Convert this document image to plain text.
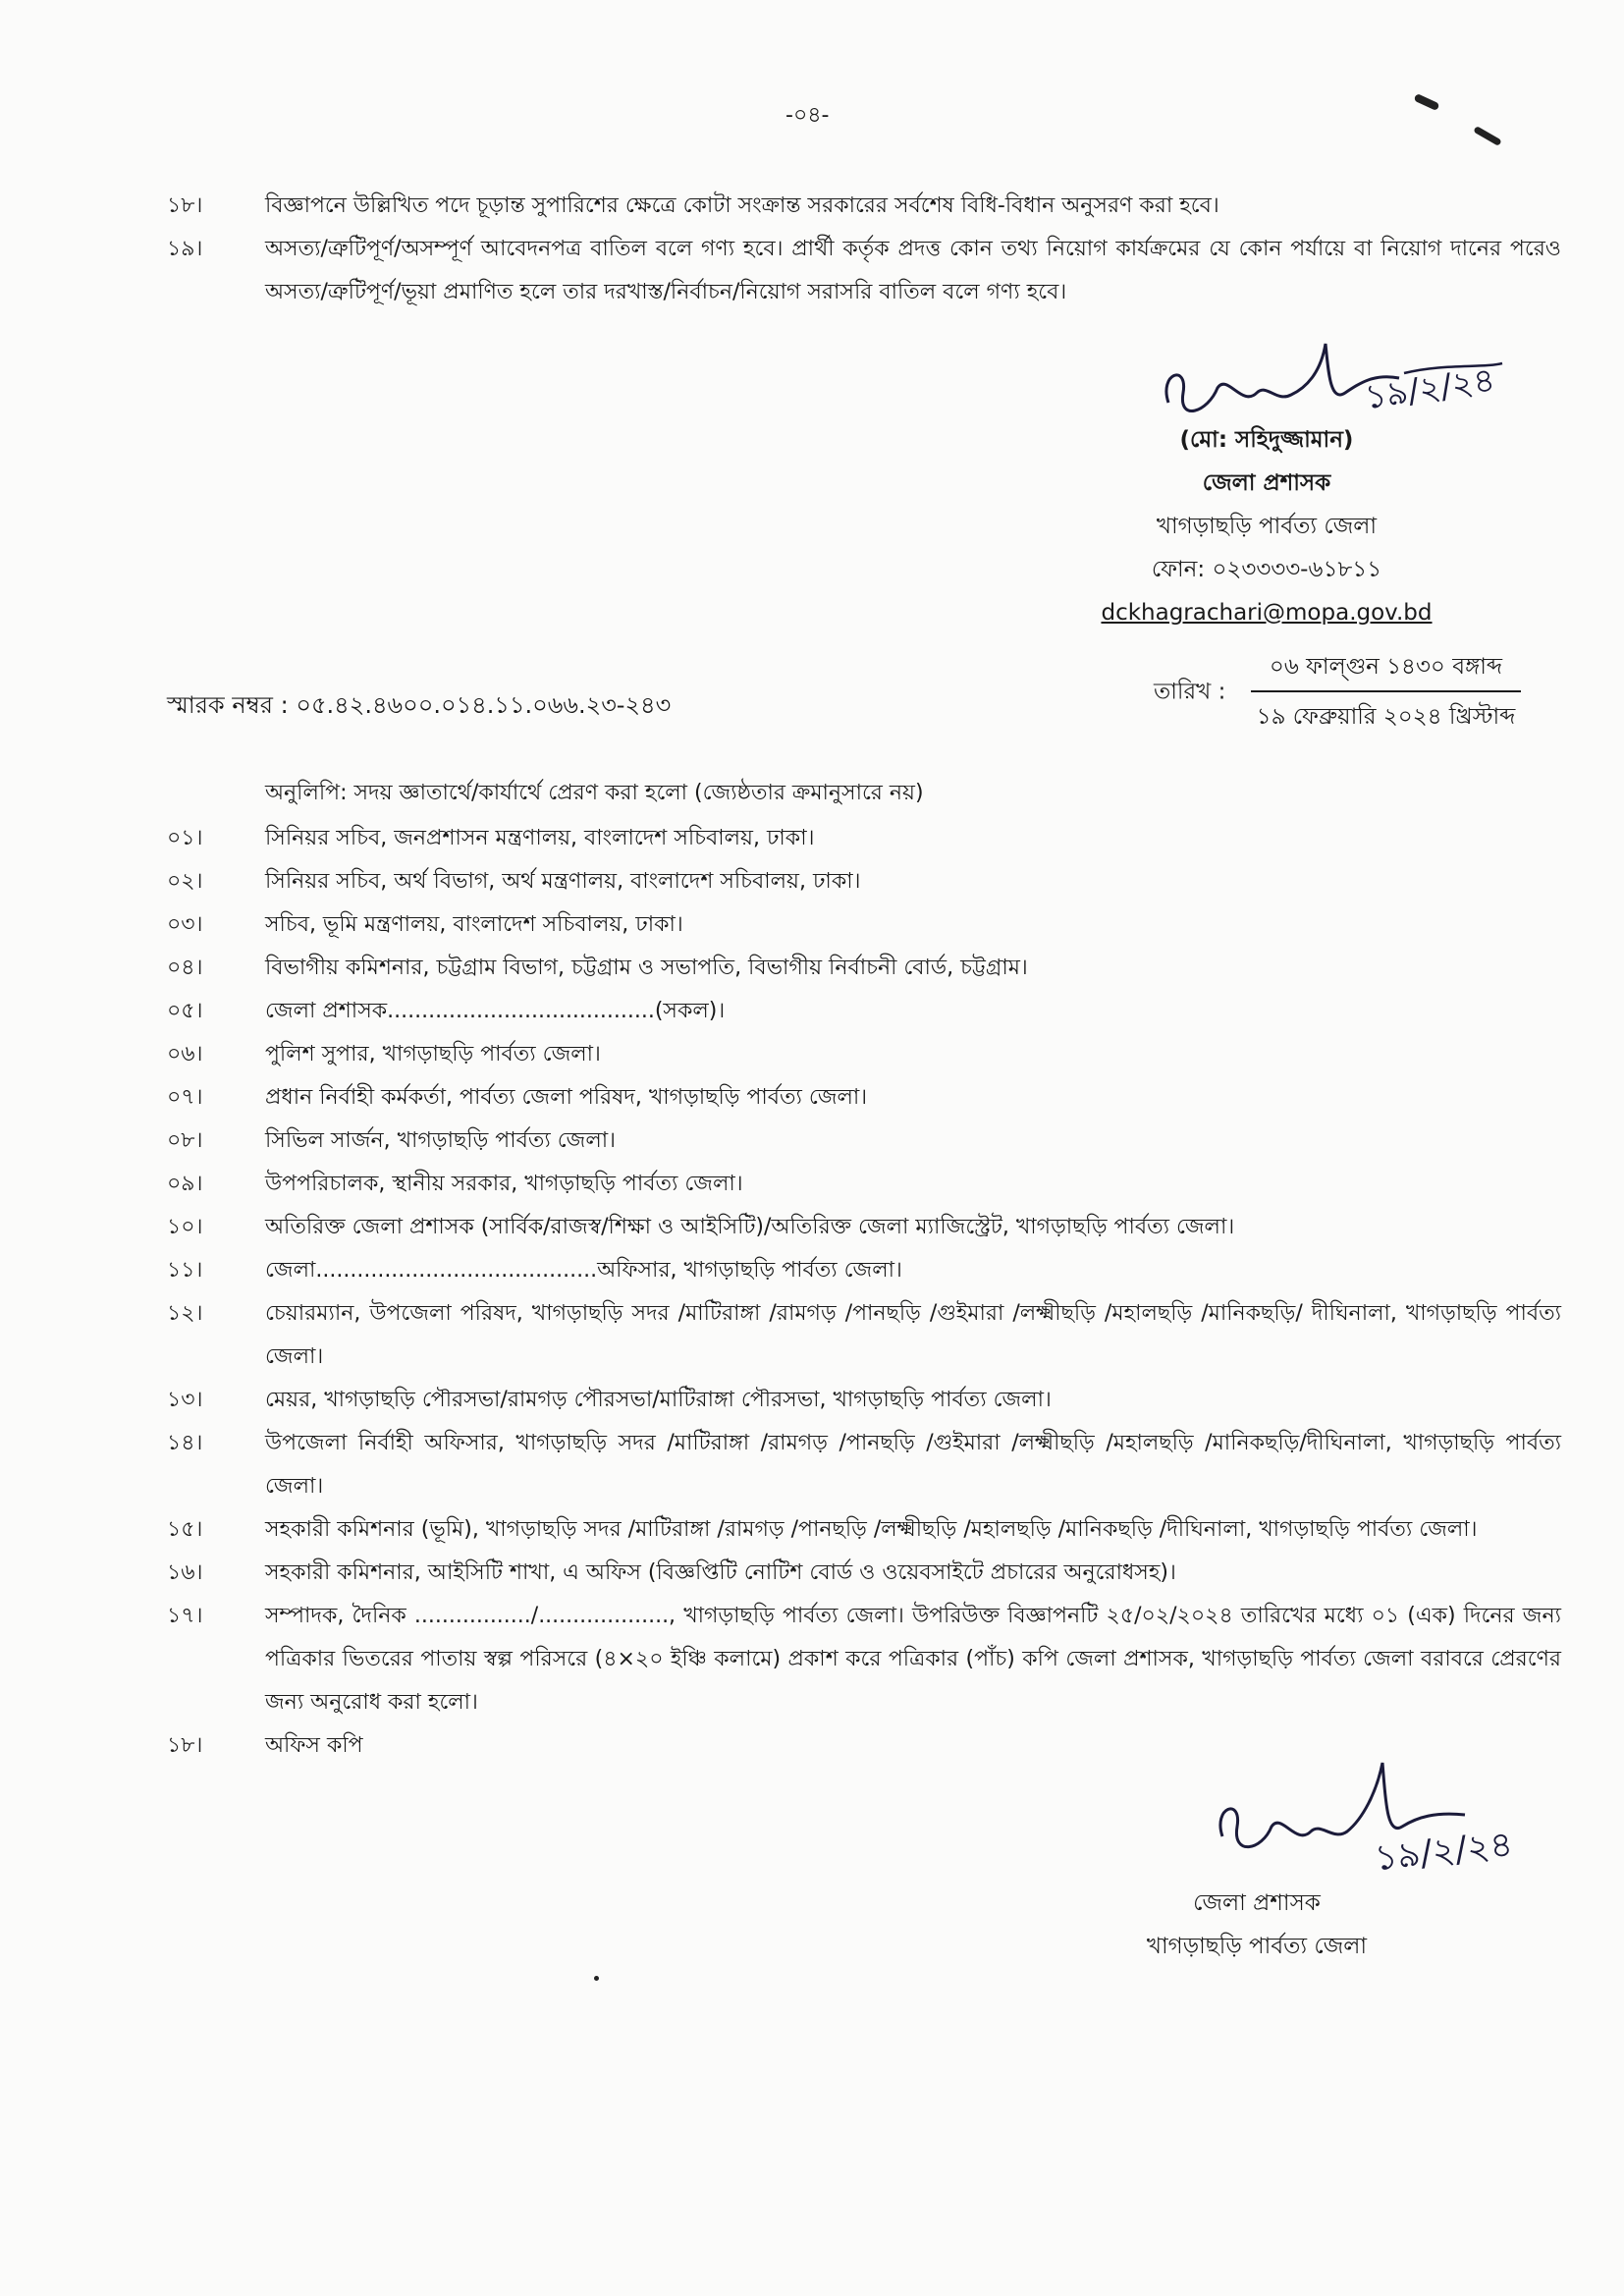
-০৪-
১৮।	বিজ্ঞাপনে উল্লিখিত পদে চূড়ান্ত সুপারিশের ক্ষেত্রে কোটা সংক্রান্ত সরকারের সর্বশেষ বিধি-বিধান অনুসরণ করা হবে।
১৯।	অসত্য/ত্রুটিপূর্ণ/অসম্পূর্ণ আবেদনপত্র বাতিল বলে গণ্য হবে। প্রার্থী কর্তৃক প্রদত্ত কোন তথ্য নিয়োগ কার্যক্রমের যে কোন পর্যায়ে বা নিয়োগ দানের পরেও অসত্য/ত্রুটিপূর্ণ/ভূয়া প্রমাণিত হলে তার দরখাস্ত/নির্বাচন/নিয়োগ সরাসরি বাতিল বলে গণ্য হবে।
১৯/২/২৪
(মো: সহিদুজ্জামান)
জেলা প্রশাসক
খাগড়াছড়ি পার্বত্য জেলা
ফোন: ০২৩৩৩৩-৬১৮১১
dckhagrachari@mopa.gov.bd
স্মারক নম্বর : ০৫.৪২.৪৬০০.০১৪.১১.০৬৬.২৩-২৪৩	তারিখ : $\frac{\text{০৬ ফাল্গুন ১৪৩০ বঙ্গাব্দ}}{\text{১৯ ফেব্রুয়ারি ২০২৪ খ্রিস্টাব্দ}}$
অনুলিপি: সদয় জ্ঞাতার্থে/কার্যার্থে প্রেরণ করা হলো (জ্যেষ্ঠতার ক্রমানুসারে নয়)
০১।	সিনিয়র সচিব, জনপ্রশাসন মন্ত্রণালয়, বাংলাদেশ সচিবালয়, ঢাকা।
০২।	সিনিয়র সচিব, অর্থ বিভাগ, অর্থ মন্ত্রণালয়, বাংলাদেশ সচিবালয়, ঢাকা।
০৩।	সচিব, ভূমি মন্ত্রণালয়, বাংলাদেশ সচিবালয়, ঢাকা।
০৪।	বিভাগীয় কমিশনার, চট্টগ্রাম বিভাগ, চট্টগ্রাম ও সভাপতি, বিভাগীয় নির্বাচনী বোর্ড, চট্টগ্রাম।
০৫।	জেলা প্রশাসক.......................................(সকল)।
০৬।	পুলিশ সুপার, খাগড়াছড়ি পার্বত্য জেলা।
০৭।	প্রধান নির্বাহী কর্মকর্তা, পার্বত্য জেলা পরিষদ, খাগড়াছড়ি পার্বত্য জেলা।
০৮।	সিভিল সার্জন, খাগড়াছড়ি পার্বত্য জেলা।
০৯।	উপপরিচালক, স্থানীয় সরকার, খাগড়াছড়ি পার্বত্য জেলা।
১০।	অতিরিক্ত জেলা প্রশাসক (সার্বিক/রাজস্ব/শিক্ষা ও আইসিটি)/অতিরিক্ত জেলা ম্যাজিস্ট্রেট, খাগড়াছড়ি পার্বত্য জেলা।
১১।	জেলা.........................................অফিসার, খাগড়াছড়ি পার্বত্য জেলা।
১২।	চেয়ারম্যান, উপজেলা পরিষদ, খাগড়াছড়ি সদর /মাটিরাঙ্গা /রামগড় /পানছড়ি /গুইমারা /লক্ষ্মীছড়ি /মহালছড়ি /মানিকছড়ি/ দীঘিনালা, খাগড়াছড়ি পার্বত্য জেলা।
১৩।	মেয়র, খাগড়াছড়ি পৌরসভা/রামগড় পৌরসভা/মাটিরাঙ্গা পৌরসভা, খাগড়াছড়ি পার্বত্য জেলা।
১৪।	উপজেলা নির্বাহী অফিসার, খাগড়াছড়ি সদর /মাটিরাঙ্গা /রামগড় /পানছড়ি /গুইমারা /লক্ষ্মীছড়ি /মহালছড়ি /মানিকছড়ি/দীঘিনালা, খাগড়াছড়ি পার্বত্য জেলা।
১৫।	সহকারী কমিশনার (ভূমি), খাগড়াছড়ি সদর /মাটিরাঙ্গা /রামগড় /পানছড়ি /লক্ষ্মীছড়ি /মহালছড়ি /মানিকছড়ি /দীঘিনালা, খাগড়াছড়ি পার্বত্য জেলা।
১৬।	সহকারী কমিশনার, আইসিটি শাখা, এ অফিস (বিজ্ঞপ্তিটি নোটিশ বোর্ড ও ওয়েবসাইটে প্রচারের অনুরোধসহ)।
১৭।	সম্পাদক, দৈনিক ................./..................., খাগড়াছড়ি পার্বত্য জেলা। উপরিউক্ত বিজ্ঞাপনটি ২৫/০২/২০২৪ তারিখের মধ্যে ০১ (এক) দিনের জন্য পত্রিকার ভিতরের পাতায় স্বল্প পরিসরে (৪×২০ ইঞ্চি কলামে) প্রকাশ করে পত্রিকার (পাঁচ) কপি জেলা প্রশাসক, খাগড়াছড়ি পার্বত্য জেলা বরাবরে প্রেরণের জন্য অনুরোধ করা হলো।
১৮।	অফিস কপি
১৯/২/২৪
জেলা প্রশাসক
খাগড়াছড়ি পার্বত্য জেলা
